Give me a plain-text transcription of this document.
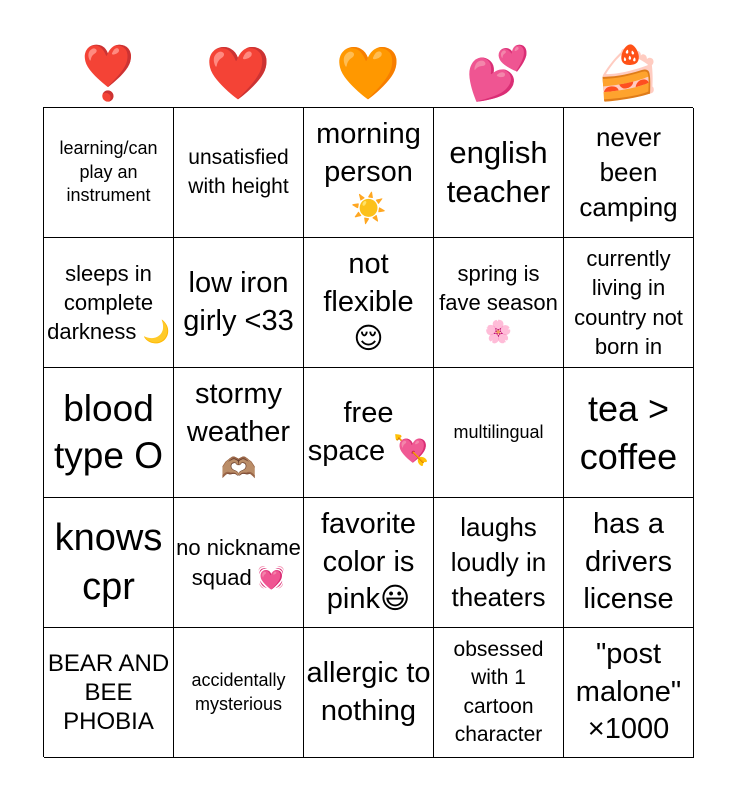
❣️	❤️	🧡	💕	🍰
learning/can play an instrument
unsatisfied with height
morning person ☀️
english teacher
never been camping
sleeps in complete darkness 🌙
low iron girly <33
not flexible 😌
spring is fave season 🌸
currently living in country not born in
blood type O
stormy weather 🫶🏽
free space 💘
multilingual
tea > coffee
knows cpr
no nickname squad 💓
favorite color is pink😃
laughs loudly in theaters
has a drivers license
BEAR AND BEE PHOBIA
accidentally mysterious
allergic to nothing
obsessed with 1 cartoon character
"post malone" ×1000
